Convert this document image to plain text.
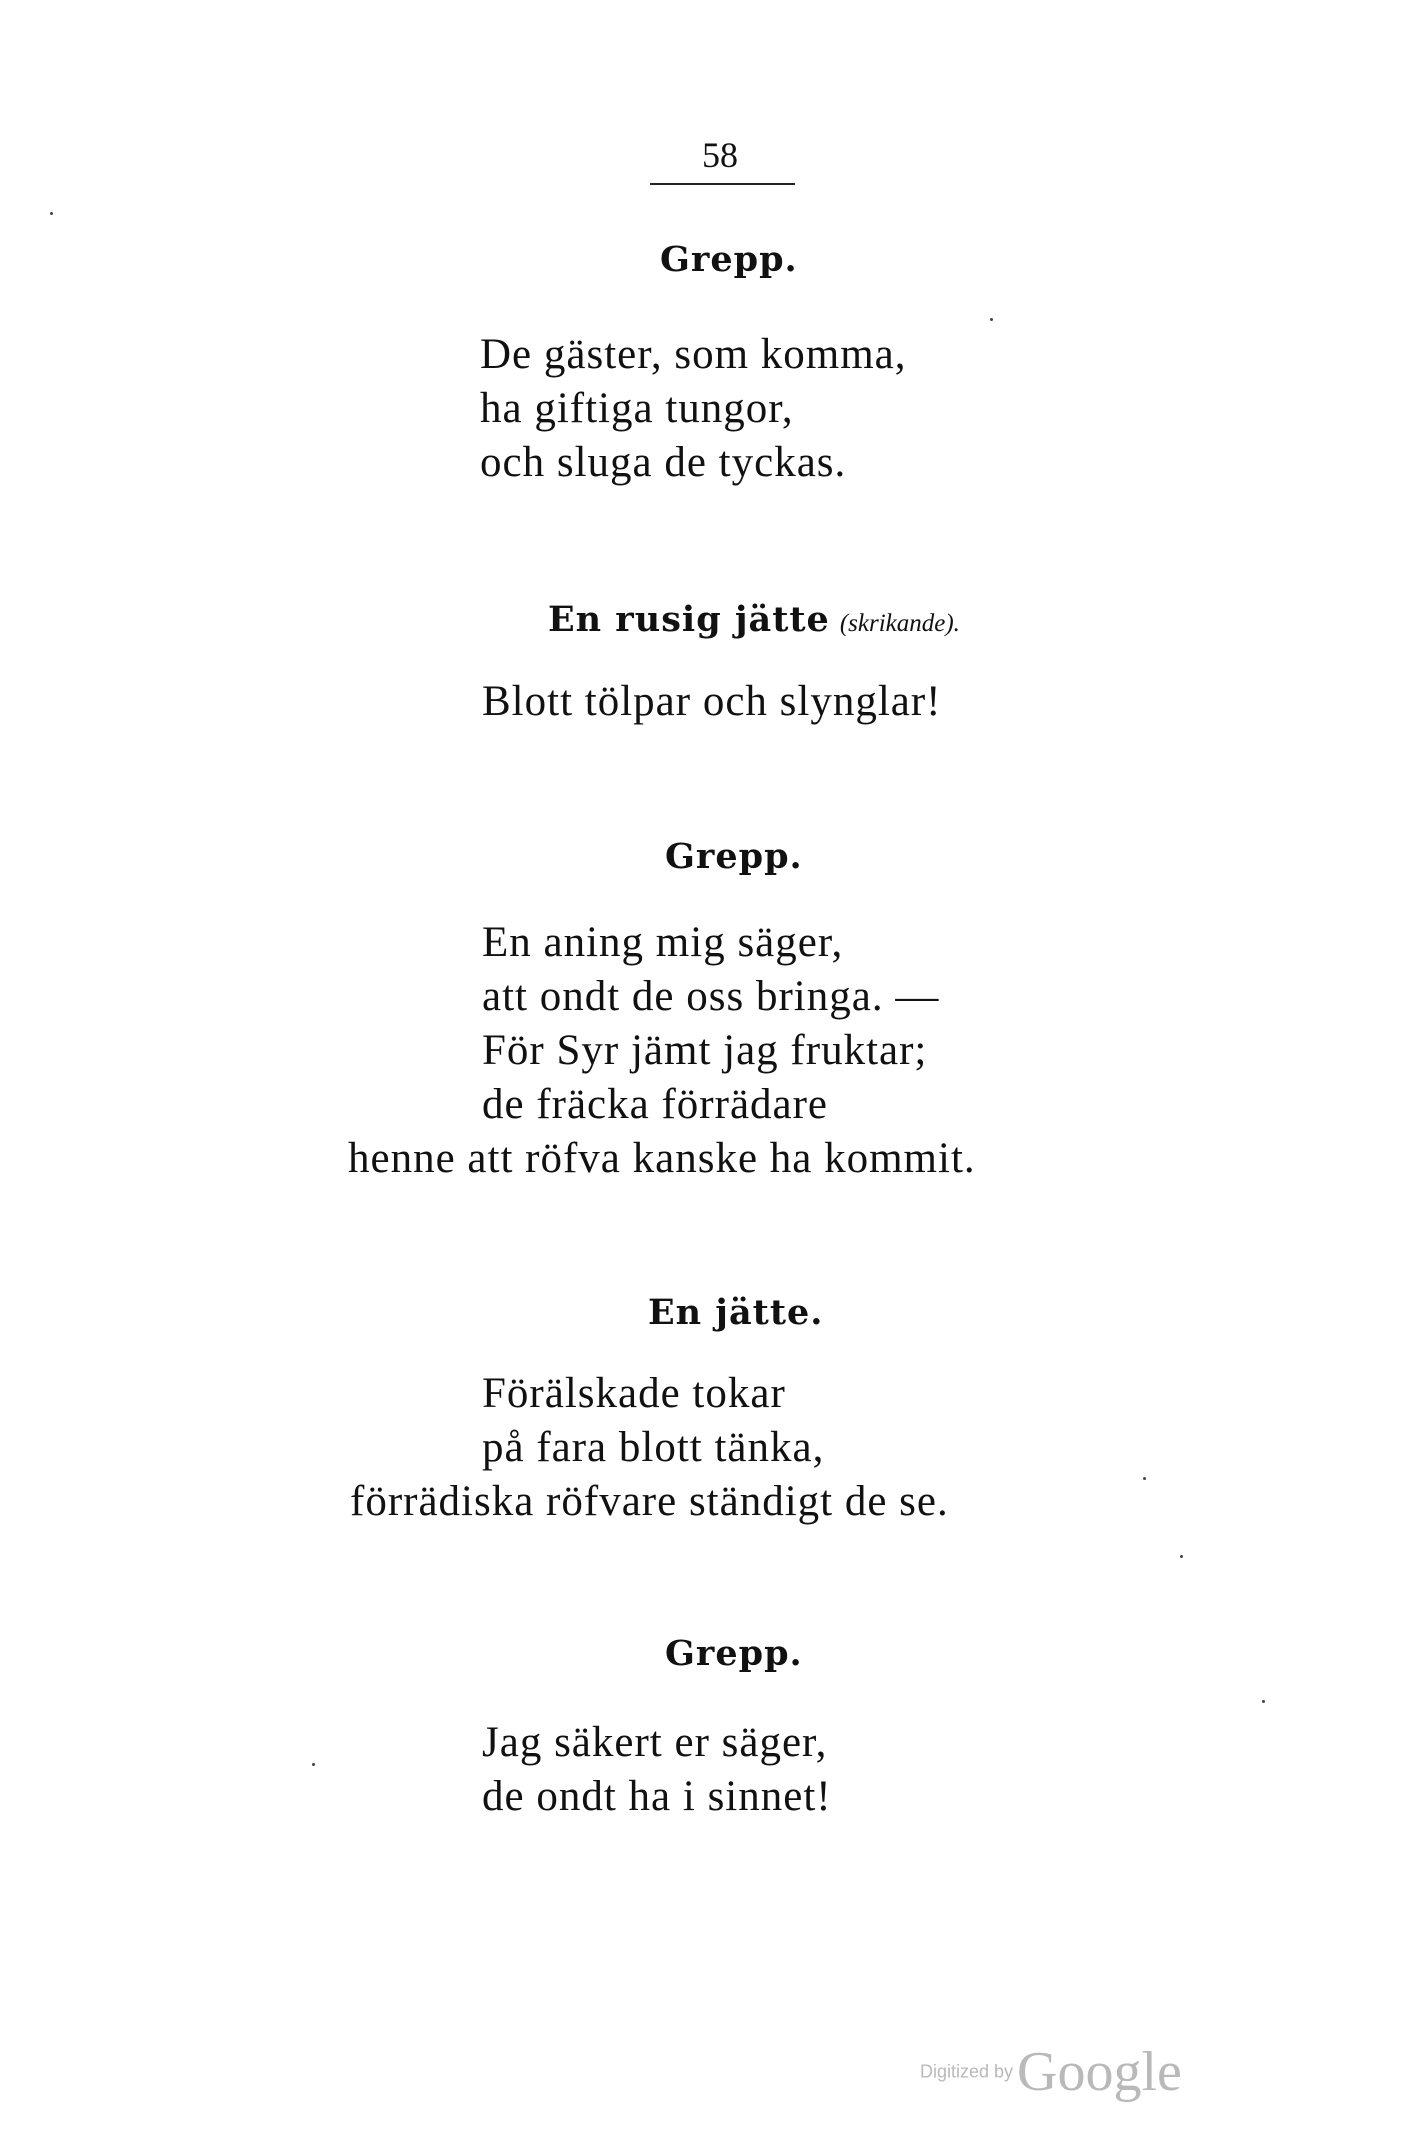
58
Grepp.
De gäster, som komma,
ha giftiga tungor,
och sluga de tyckas.
En rusig jätte (skrikande).
Blott tölpar och slynglar!
Grepp.
En aning mig säger,
att ondt de oss bringa. —
För Syr jämt jag fruktar;
de fräcka förrädare
henne att röfva kanske ha kommit.
En jätte.
Förälskade tokar
på fara blott tänka,
förrädiska röfvare ständigt de se.
Grepp.
Jag säkert er säger,
de ondt ha i sinnet!
Digitized byGoogle
